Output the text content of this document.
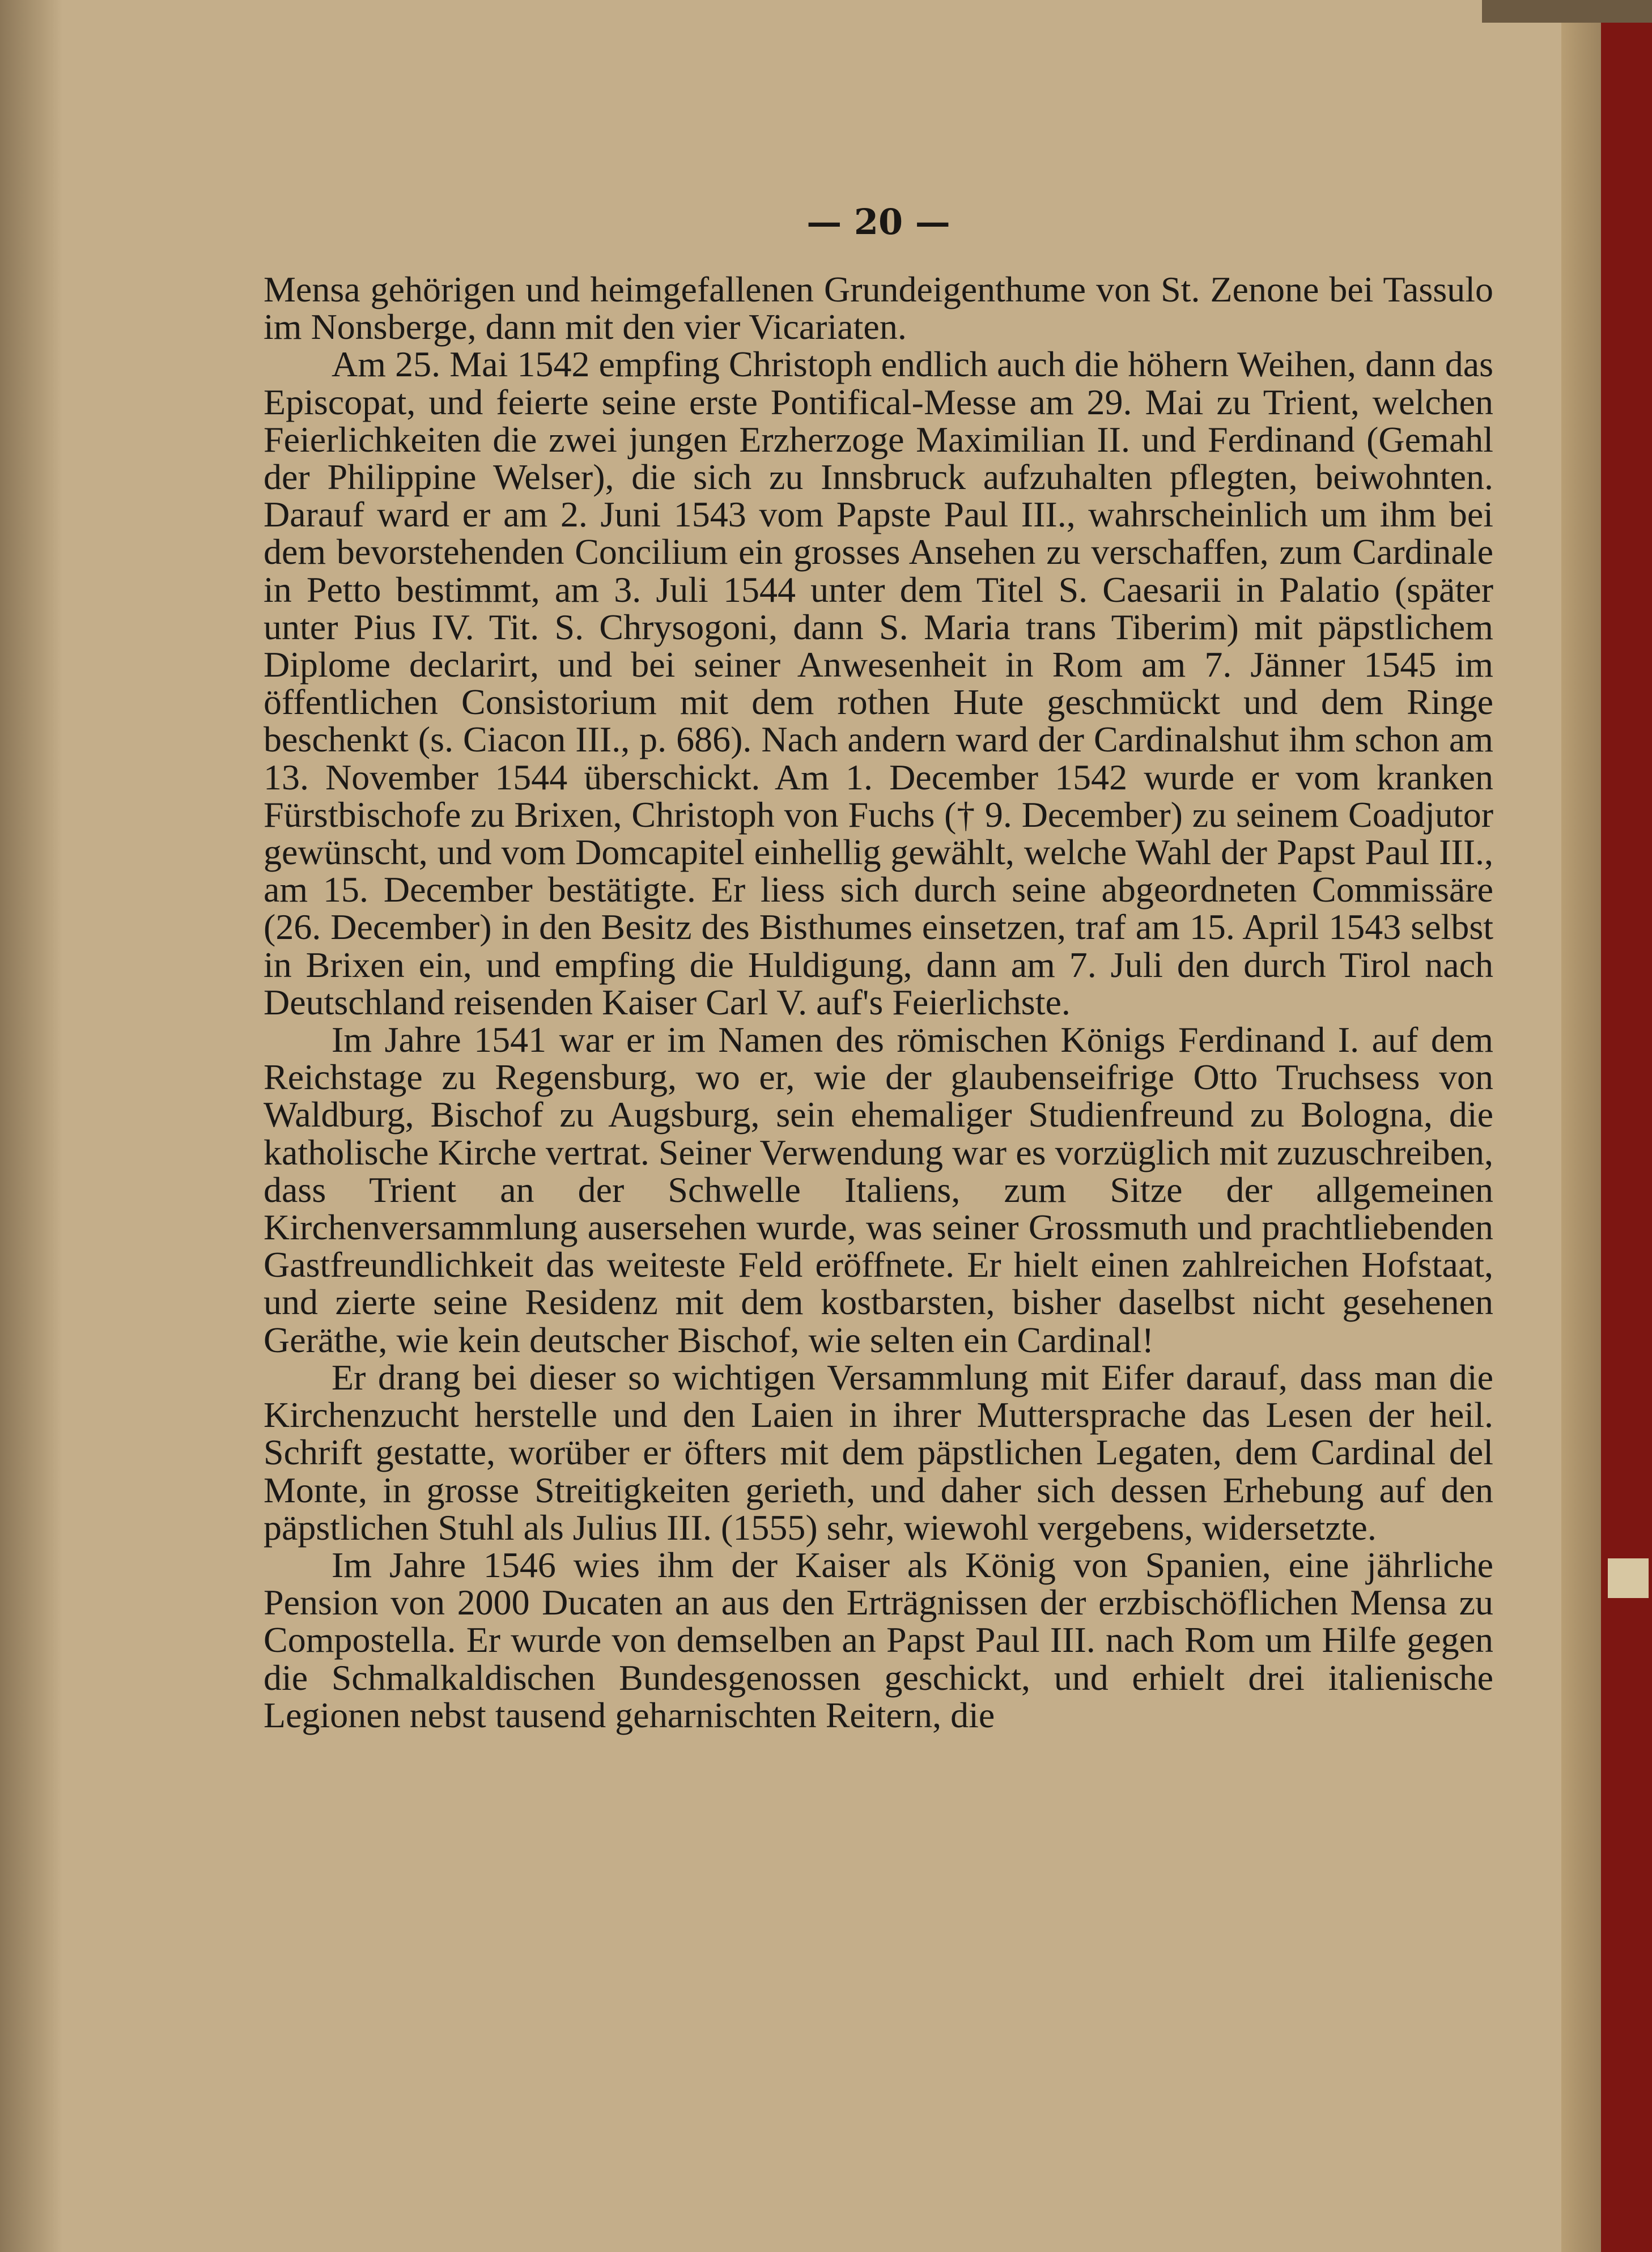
— 20 —

Mensa gehörigen und heimgefallenen Grundeigenthume von St. Zenone bei Tassulo im Nonsberge, dann mit den vier Vicariaten.

Am 25. Mai 1542 empfing Christoph endlich auch die höhern Weihen, dann das Episcopat, und feierte seine erste Pontifical-Messe am 29. Mai zu Trient, welchen Feierlichkeiten die zwei jungen Erzherzoge Maximilian II. und Ferdinand (Gemahl der Philippine Welser), die sich zu Innsbruck aufzuhalten pflegten, beiwohnten. Darauf ward er am 2. Juni 1543 vom Papste Paul III., wahrscheinlich um ihm bei dem bevorstehenden Concilium ein grosses Ansehen zu verschaffen, zum Cardinale in Petto bestimmt, am 3. Juli 1544 unter dem Titel S. Caesarii in Palatio (später unter Pius IV. Tit. S. Chrysogoni, dann S. Maria trans Tiberim) mit päpstlichem Diplome declarirt, und bei seiner Anwesenheit in Rom am 7. Jänner 1545 im öffentlichen Consistorium mit dem rothen Hute geschmückt und dem Ringe beschenkt (s. Ciacon III., p. 686). Nach andern ward der Cardinalshut ihm schon am 13. November 1544 überschickt. Am 1. December 1542 wurde er vom kranken Fürstbischofe zu Brixen, Christoph von Fuchs († 9. December) zu seinem Coadjutor gewünscht, und vom Domcapitel einhellig gewählt, welche Wahl der Papst Paul III., am 15. December bestätigte. Er liess sich durch seine abgeordneten Commissäre (26. December) in den Besitz des Bisthumes einsetzen, traf am 15. April 1543 selbst in Brixen ein, und empfing die Huldigung, dann am 7. Juli den durch Tirol nach Deutschland reisenden Kaiser Carl V. auf's Feierlichste.

Im Jahre 1541 war er im Namen des römischen Königs Ferdinand I. auf dem Reichstage zu Regensburg, wo er, wie der glaubenseifrige Otto Truchsess von Waldburg, Bischof zu Augsburg, sein ehemaliger Studienfreund zu Bologna, die katholische Kirche vertrat. Seiner Verwendung war es vorzüglich mit zuzuschreiben, dass Trient an der Schwelle Italiens, zum Sitze der allgemeinen Kirchenversammlung ausersehen wurde, was seiner Grossmuth und prachtliebenden Gastfreundlichkeit das weiteste Feld eröffnete. Er hielt einen zahlreichen Hofstaat, und zierte seine Residenz mit dem kostbarsten, bisher daselbst nicht gesehenen Geräthe, wie kein deutscher Bischof, wie selten ein Cardinal!

Er drang bei dieser so wichtigen Versammlung mit Eifer darauf, dass man die Kirchenzucht herstelle und den Laien in ihrer Muttersprache das Lesen der heil. Schrift gestatte, worüber er öfters mit dem päpstlichen Legaten, dem Cardinal del Monte, in grosse Streitigkeiten gerieth, und daher sich dessen Erhebung auf den päpstlichen Stuhl als Julius III. (1555) sehr, wiewohl vergebens, widersetzte.

Im Jahre 1546 wies ihm der Kaiser als König von Spanien, eine jährliche Pension von 2000 Ducaten an aus den Erträgnissen der erzbischöflichen Mensa zu Compostella. Er wurde von demselben an Papst Paul III. nach Rom um Hilfe gegen die Schmalkaldischen Bundesgenossen geschickt, und erhielt drei italienische Legionen nebst tausend geharnischten Reitern, die
